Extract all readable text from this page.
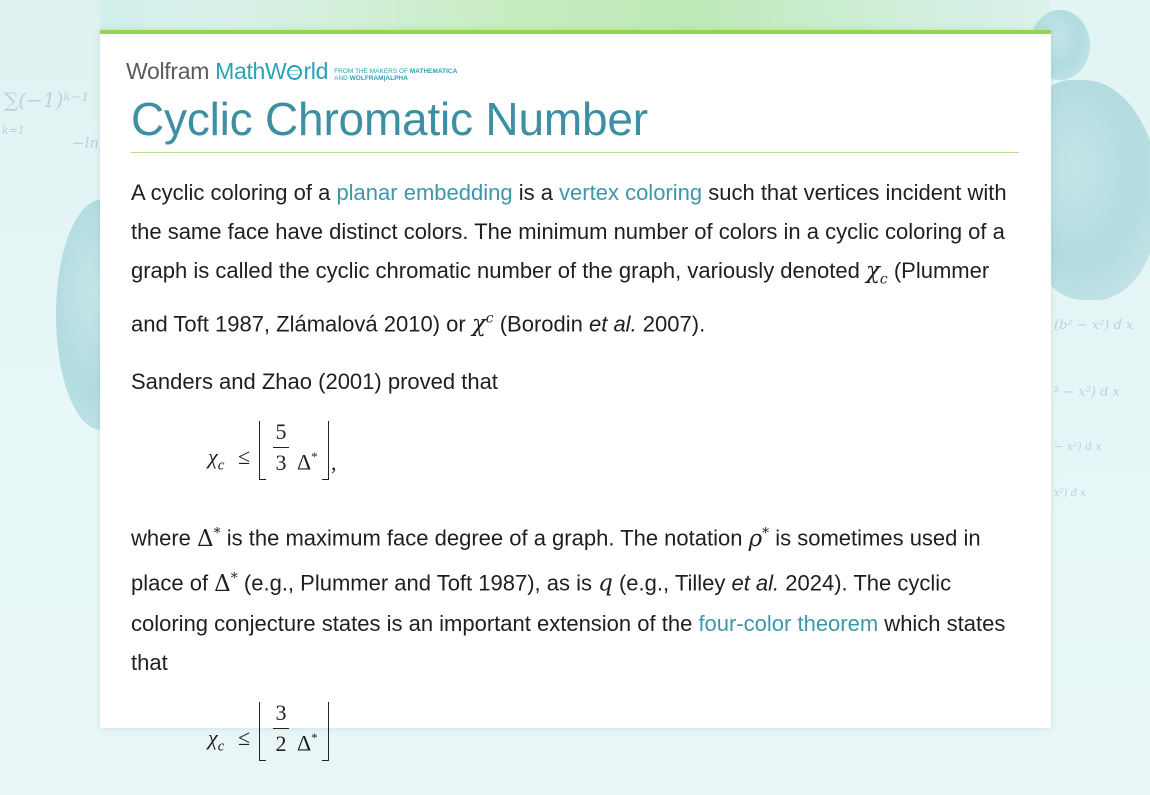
∑(−1)ᵏ⁻¹
k=1
−ln
(b² − x²) d x
² − x²) d x
− x²) d x
x²) d x
Wolfram MathW rld FROM THE MAKERS OF MATHEMATICA
AND WOLFRAM|ALPHA
Cyclic Chromatic Number

A cyclic coloring of a planar embedding is a vertex coloring such that vertices incident with the same face have distinct colors. The minimum number of colors in a cyclic coloring of a graph is called the cyclic chromatic number of the graph, variously denoted $\chi_c$ (Plummer and Toft 1987, Zlámalová 2010) or $\chi^c$ (Borodin et al. 2007).

Sanders and Zhao (2001) proved that

$\chi_c$ ≤
5
3 Δ* ,

where Δ* is the maximum face degree of a graph. The notation ρ* is sometimes used in place of Δ* (e.g., Plummer and Toft 1987), as is q (e.g., Tilley et al. 2024). The cyclic coloring conjecture states is an important extension of the four-color theorem which states that

$\chi_c$ ≤
3
2 Δ*
